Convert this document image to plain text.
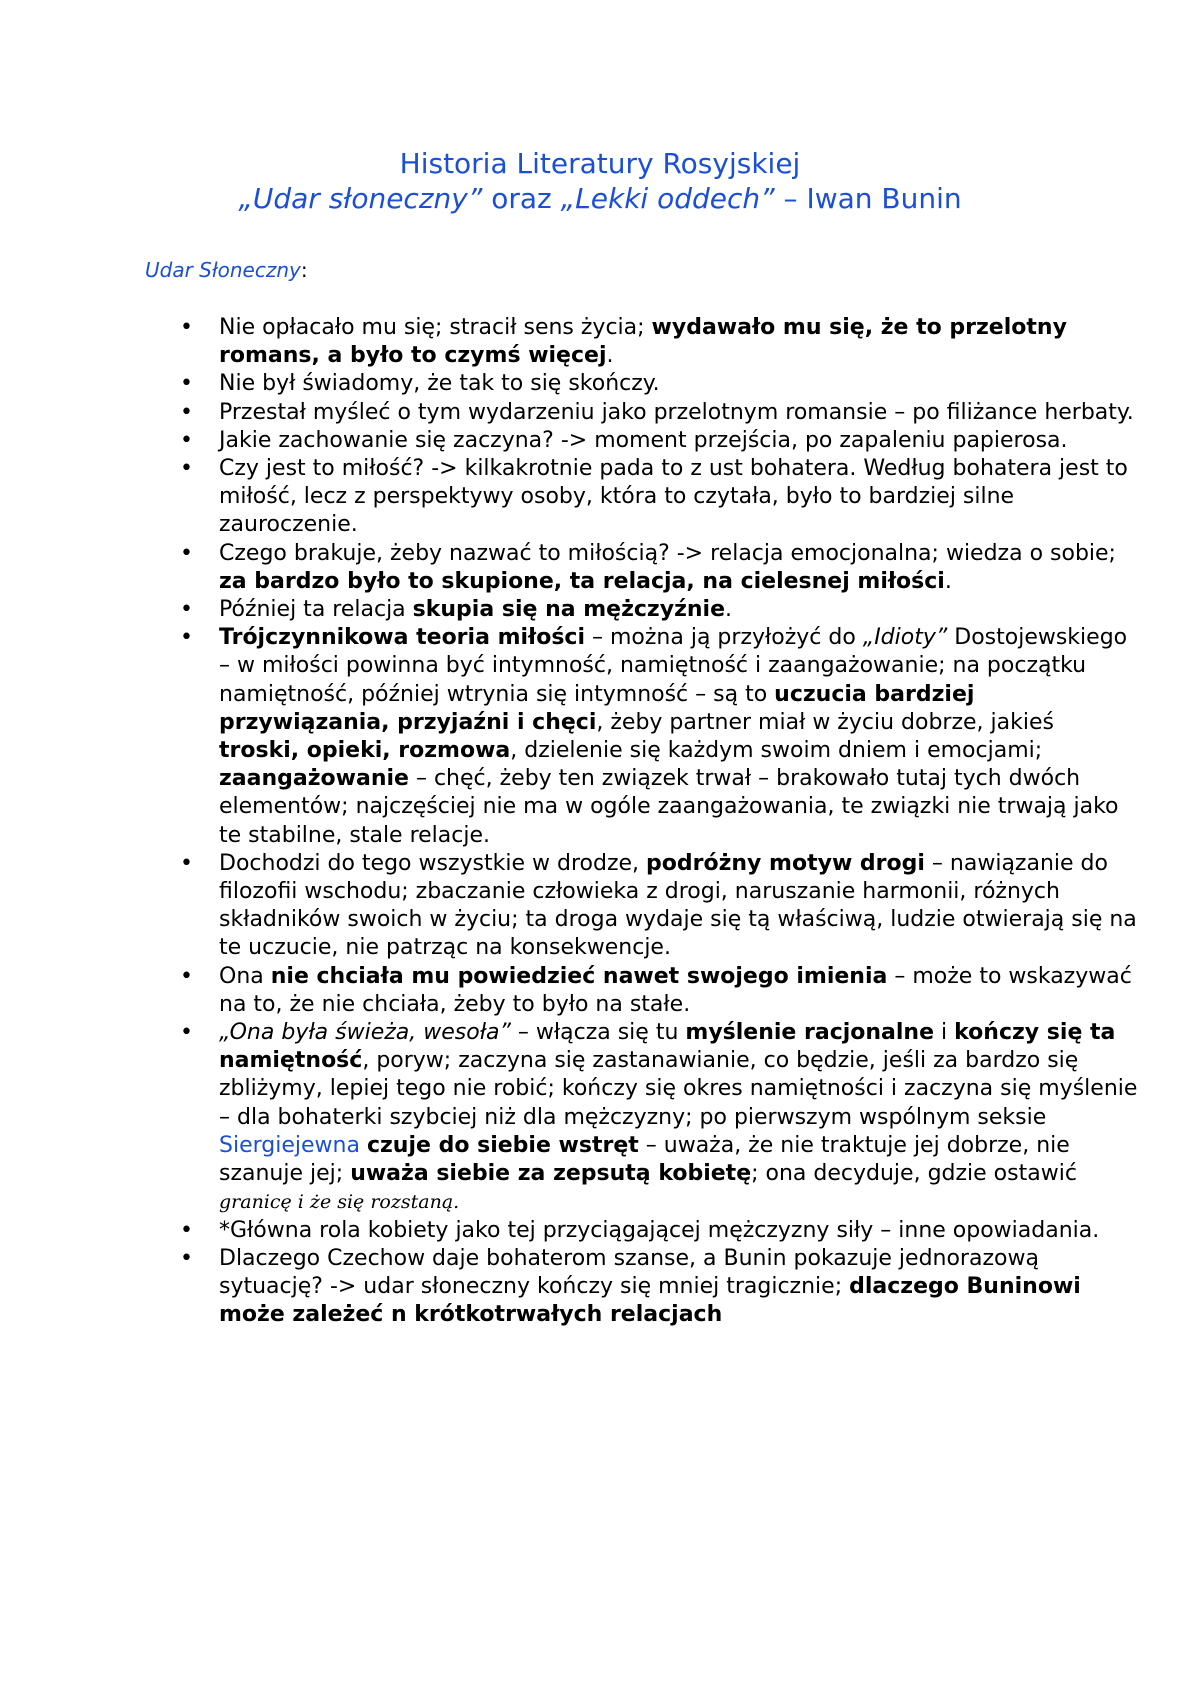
Historia Literatury Rosyjskiej
„Udar słoneczny” oraz „Lekki oddech” – Iwan Bunin

Udar Słoneczny:

• Nie opłacało mu się; stracił sens życia; wydawało mu się, że to przelotny romans, a było to czymś więcej.
• Nie był świadomy, że tak to się skończy.
• Przestał myśleć o tym wydarzeniu jako przelotnym romansie – po filiżance herbaty.
• Jakie zachowanie się zaczyna? -> moment przejścia, po zapaleniu papierosa.
• Czy jest to miłość? -> kilkakrotnie pada to z ust bohatera. Według bohatera jest to miłość, lecz z perspektywy osoby, która to czytała, było to bardziej silne zauroczenie.
• Czego brakuje, żeby nazwać to miłością? -> relacja emocjonalna; wiedza o sobie; za bardzo było to skupione, ta relacja, na cielesnej miłości.
• Później ta relacja skupia się na mężczyźnie.
• Trójczynnikowa teoria miłości – można ją przyłożyć do „Idioty” Dostojewskiego – w miłości powinna być intymność, namiętność i zaangażowanie; na początku namiętność, później wtrynia się intymność – są to uczucia bardziej przywiązania, przyjaźni i chęci, żeby partner miał w życiu dobrze, jakieś troski, opieki, rozmowa, dzielenie się każdym swoim dniem i emocjami; zaangażowanie – chęć, żeby ten związek trwał – brakowało tutaj tych dwóch elementów; najczęściej nie ma w ogóle zaangażowania, te związki nie trwają jako te stabilne, stale relacje.
• Dochodzi do tego wszystkie w drodze, podróżny motyw drogi – nawiązanie do filozofii wschodu; zbaczanie człowieka z drogi, naruszanie harmonii, różnych składników swoich w życiu; ta droga wydaje się tą właściwą, ludzie otwierają się na te uczucie, nie patrząc na konsekwencje.
• Ona nie chciała mu powiedzieć nawet swojego imienia – może to wskazywać na to, że nie chciała, żeby to było na stałe.
• „Ona była świeża, wesoła” – włącza się tu myślenie racjonalne i kończy się ta namiętność, poryw; zaczyna się zastanawianie, co będzie, jeśli za bardzo się zbliżymy, lepiej tego nie robić; kończy się okres namiętności i zaczyna się myślenie – dla bohaterki szybciej niż dla mężczyzny; po pierwszym wspólnym seksie Siergiejewna czuje do siebie wstręt – uważa, że nie traktuje jej dobrze, nie szanuje jej; uważa siebie za zepsutą kobietę; ona decyduje, gdzie ostawić granicę i że się rozstaną.
• *Główna rola kobiety jako tej przyciągającej mężczyzny siły – inne opowiadania.
• Dlaczego Czechow daje bohaterom szanse, a Bunin pokazuje jednorazową sytuację? -> udar słoneczny kończy się mniej tragicznie; dlaczego Buninowi może zależeć n krótkotrwałych relacjach
